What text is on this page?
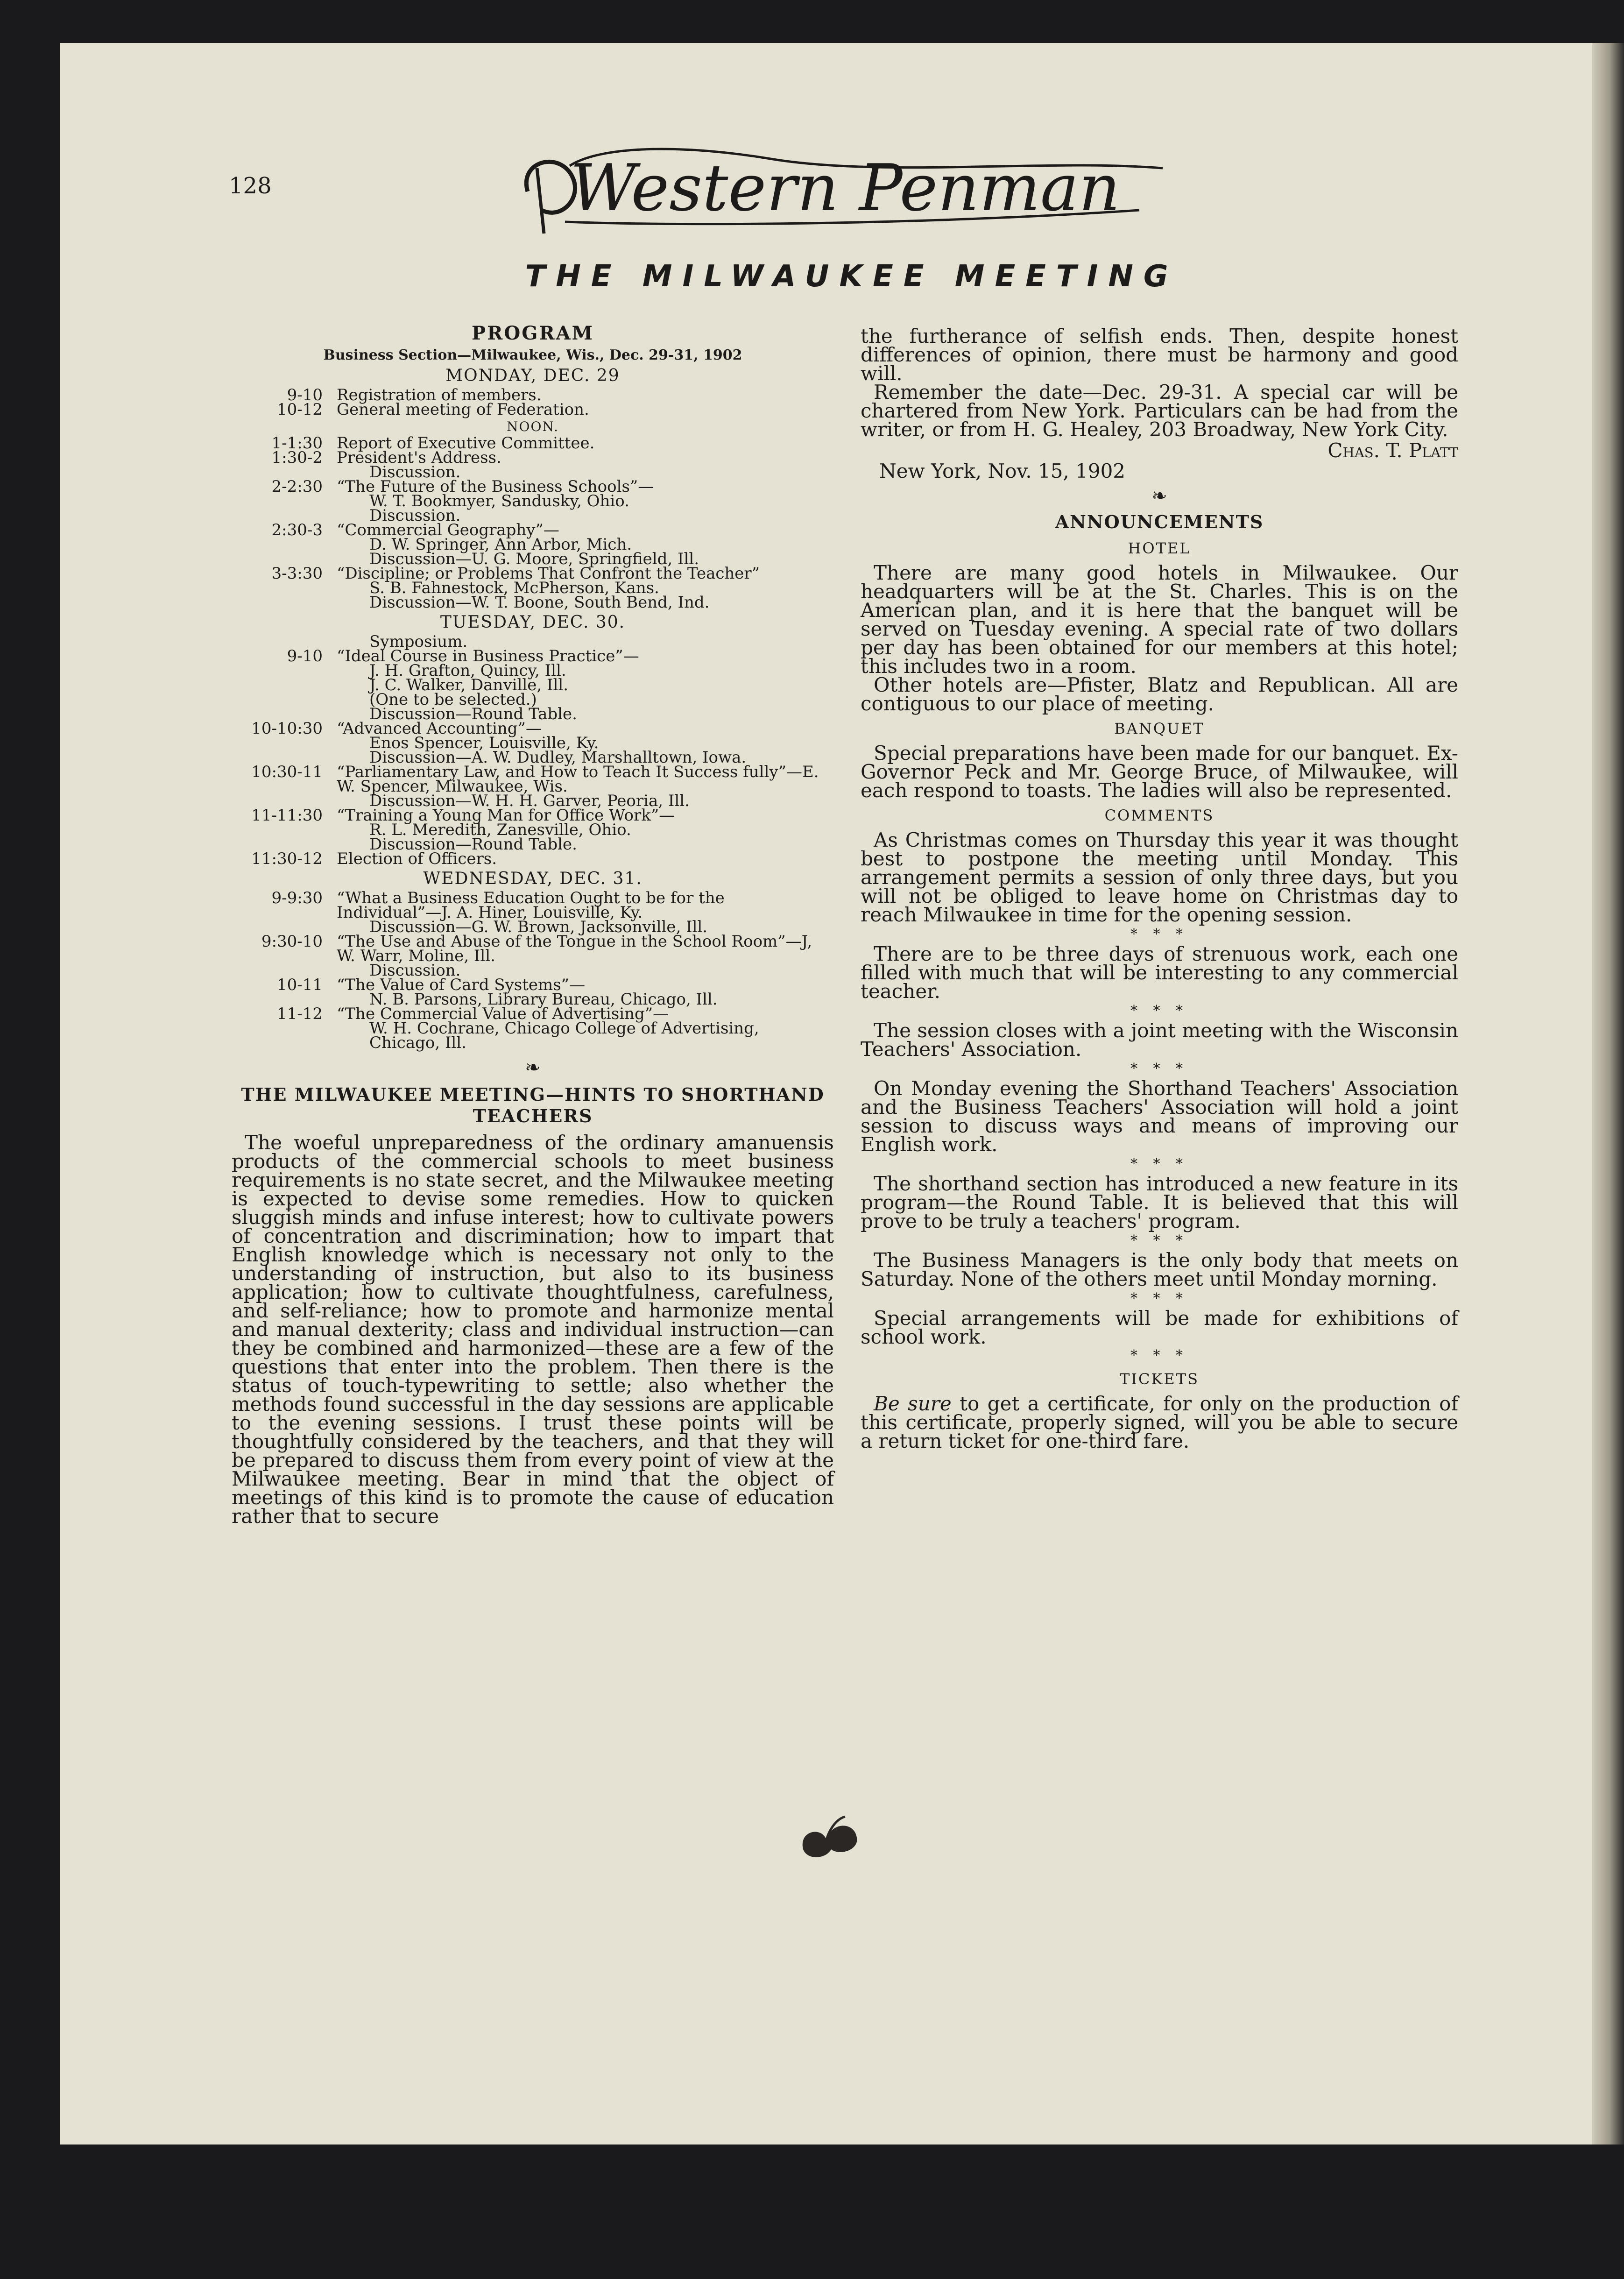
128	Western Penman
THE MILWAUKEE MEETING
PROGRAM
Business Section—Milwaukee, Wis., Dec. 29-31, 1902
MONDAY, DEC. 29
9-10 Registration of members.
10-12 General meeting of Federation.
NOON.
1-1:30 Report of Executive Committee.
1:30-2 President's Address.
Discussion.
2-2:30 “The Future of the Business Schools”—
W. T. Bookmyer, Sandusky, Ohio.
Discussion.
2:30-3 “Commercial Geography”—
D. W. Springer, Ann Arbor, Mich.
Discussion—U. G. Moore, Springfield, Ill.
3-3:30 “Discipline; or Problems That Confront the Teacher”
S. B. Fahnestock, McPherson, Kans.
Discussion—W. T. Boone, South Bend, Ind.
TUESDAY, DEC. 30.
Symposium.
9-10 “Ideal Course in Business Practice”—
J. H. Grafton, Quincy, Ill.
J. C. Walker, Danville, Ill.
(One to be selected.)
Discussion—Round Table.
10-10:30 “Advanced Accounting”—
Enos Spencer, Louisville, Ky.
Discussion—A. W. Dudley, Marshalltown, Iowa.
10:30-11 “Parliamentary Law, and How to Teach It Success fully”—E. W. Spencer, Milwaukee, Wis.
Discussion—W. H. H. Garver, Peoria, Ill.
11-11:30 “Training a Young Man for Office Work”—
R. L. Meredith, Zanesville, Ohio.
Discussion—Round Table.
11:30-12 Election of Officers.
WEDNESDAY, DEC. 31.
9-9:30 “What a Business Education Ought to be for the Individual”—J. A. Hiner, Louisville, Ky.
Discussion—G. W. Brown, Jacksonville, Ill.
9:30-10 “The Use and Abuse of the Tongue in the School Room”—J, W. Warr, Moline, Ill.
Discussion.
10-11 “The Value of Card Systems”—
N. B. Parsons, Library Bureau, Chicago, Ill.
11-12 “The Commercial Value of Advertising”—
W. H. Cochrane, Chicago College of Advertising, Chicago, Ill.
❧
THE MILWAUKEE MEETING—HINTS TO SHORTHAND TEACHERS

The woeful unpreparedness of the ordinary amanuensis products of the commercial schools to meet business requirements is no state secret, and the Milwaukee meeting is expected to devise some remedies. How to quicken sluggish minds and infuse interest; how to cultivate powers of concentration and discrimination; how to impart that English knowledge which is necessary not only to the understanding of instruction, but also to its business application; how to cultivate thoughtfulness, carefulness, and self-reliance; how to promote and harmonize mental and manual dexterity; class and individual instruction—can they be combined and harmonized—these are a few of the questions that enter into the problem. Then there is the status of touch-typewriting to settle; also whether the methods found successful in the day sessions are applicable to the evening sessions. I trust these points will be thoughtfully considered by the teachers, and that they will be prepared to discuss them from every point of view at the Milwaukee meeting. Bear in mind that the object of meetings of this kind is to promote the cause of education rather that to secure

the furtherance of selfish ends. Then, despite honest differences of opinion, there must be harmony and good will.

Remember the date—Dec. 29-31. A special car will be chartered from New York. Particulars can be had from the writer, or from H. G. Healey, 203 Broadway, New York City.

Chas. T. Platt
New York, Nov. 15, 1902
❧
ANNOUNCEMENTS
HOTEL

There are many good hotels in Milwaukee. Our headquarters will be at the St. Charles. This is on the American plan, and it is here that the banquet will be served on Tuesday evening. A special rate of two dollars per day has been obtained for our members at this hotel; this includes two in a room.

Other hotels are—Pfister, Blatz and Republican. All are contiguous to our place of meeting.

BANQUET

Special preparations have been made for our banquet. Ex-Governor Peck and Mr. George Bruce, of Milwaukee, will each respond to toasts. The ladies will also be represented.

COMMENTS

As Christmas comes on Thursday this year it was thought best to postpone the meeting until Monday. This arrangement permits a session of only three days, but you will not be obliged to leave home on Christmas day to reach Milwaukee in time for the opening session.

* * *

There are to be three days of strenuous work, each one filled with much that will be interesting to any commercial teacher.

* * *

The session closes with a joint meeting with the Wisconsin Teachers' Association.

* * *

On Monday evening the Shorthand Teachers' Association and the Business Teachers' Association will hold a joint session to discuss ways and means of improving our English work.

* * *

The shorthand section has introduced a new feature in its program—the Round Table. It is believed that this will prove to be truly a teachers' program.

* * *

The Business Managers is the only body that meets on Saturday. None of the others meet until Monday morning.

* * *

Special arrangements will be made for exhibitions of school work.

* * *
TICKETS

Be sure to get a certificate, for only on the production of this certificate, properly signed, will you be able to secure a return ticket for one-third fare.
